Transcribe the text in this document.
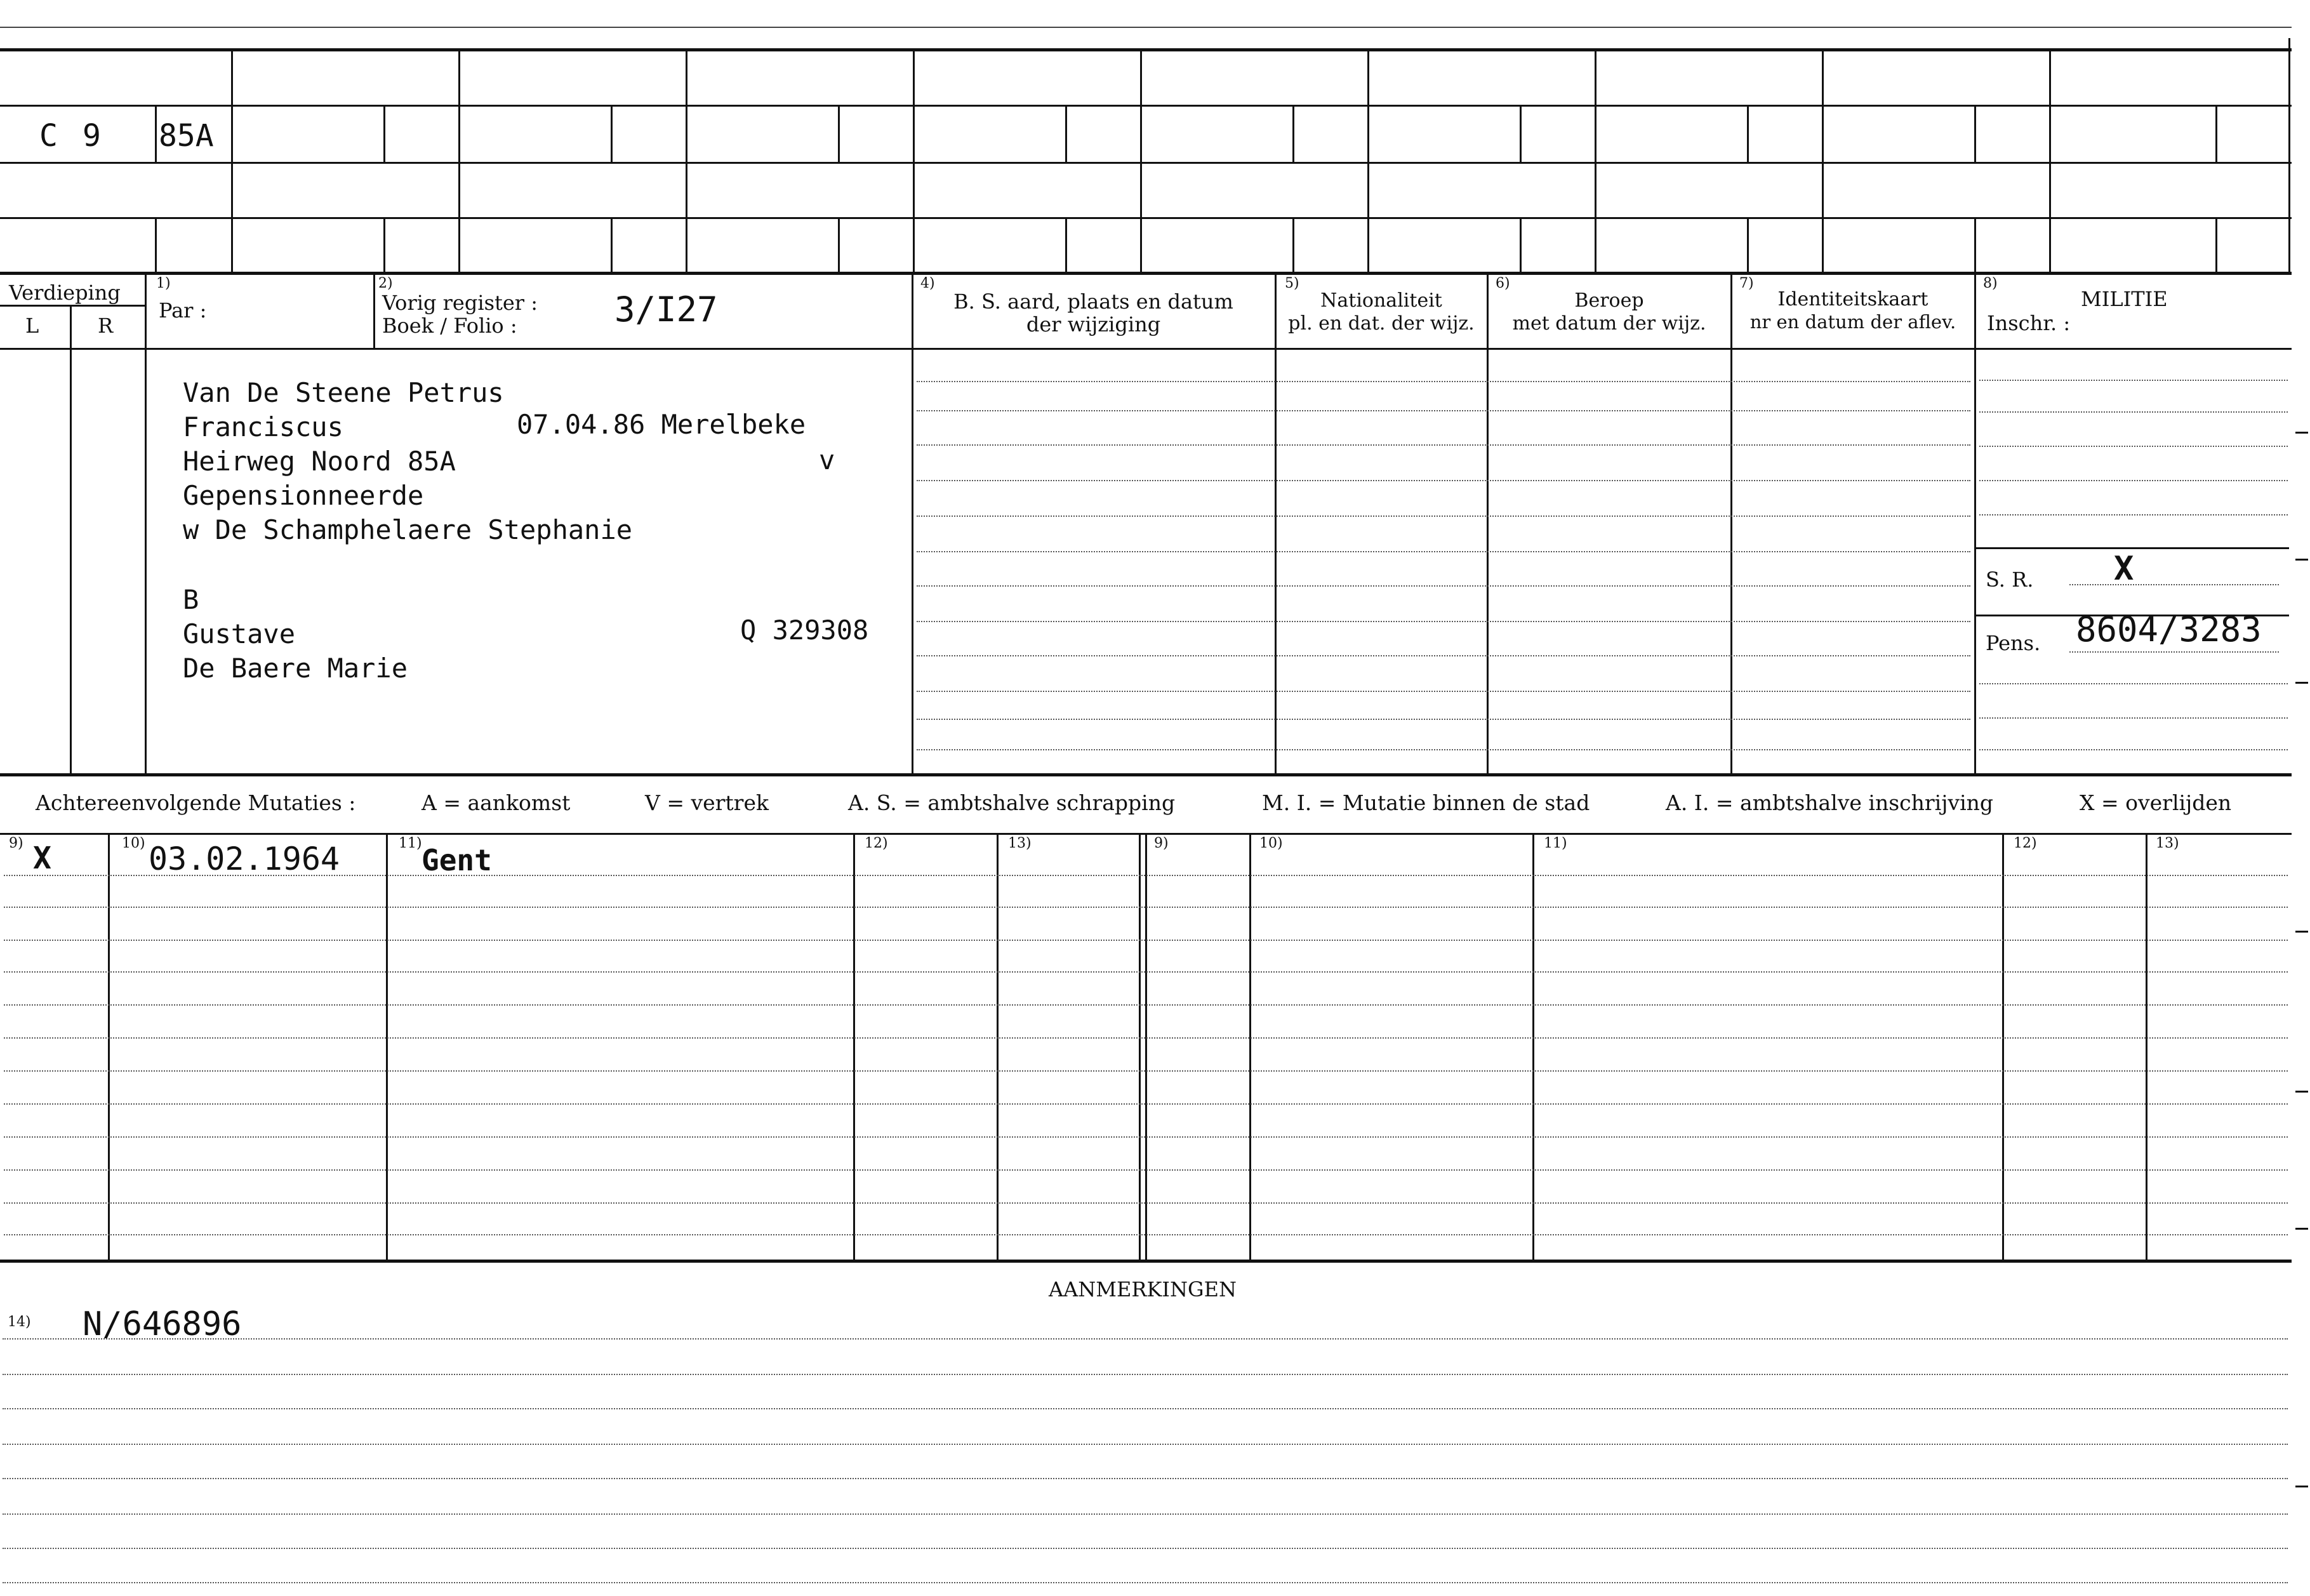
C 9 85A
Verdieping
L	R
1)
Par :
2)
Vorig register :
Boek / Folio :	3/I27
4)
B. S. aard, plaats en datum
der wijziging
5)
Nationaliteit
pl. en dat. der wijz.
6)
Beroep
met datum der wijz.
7)
Identiteitskaart
nr en datum der aflev.
8)
MILITIE
Inschr. :
Van De Steene Petrus
Franciscus	07.04.86 Merelbeke
Heirweg Noord 85A	v
Gepensionneerde
w De Schamphelaere Stephanie
B
Gustave	Q 329308
De Baere Marie
S. R. X
Pens. 8604/3283
Achtereenvolgende Mutaties :	A = aankomst	V = vertrek	A. S. = ambtshalve schrapping	M. I. = Mutatie binnen de stad	A. I. = ambtshalve inschrijving	X = overlijden
9)	10)	11)	12)	13)	9)	10)	11)	12)	13)
X	03.02.1964	Gent
AANMERKINGEN
14) N/646896
